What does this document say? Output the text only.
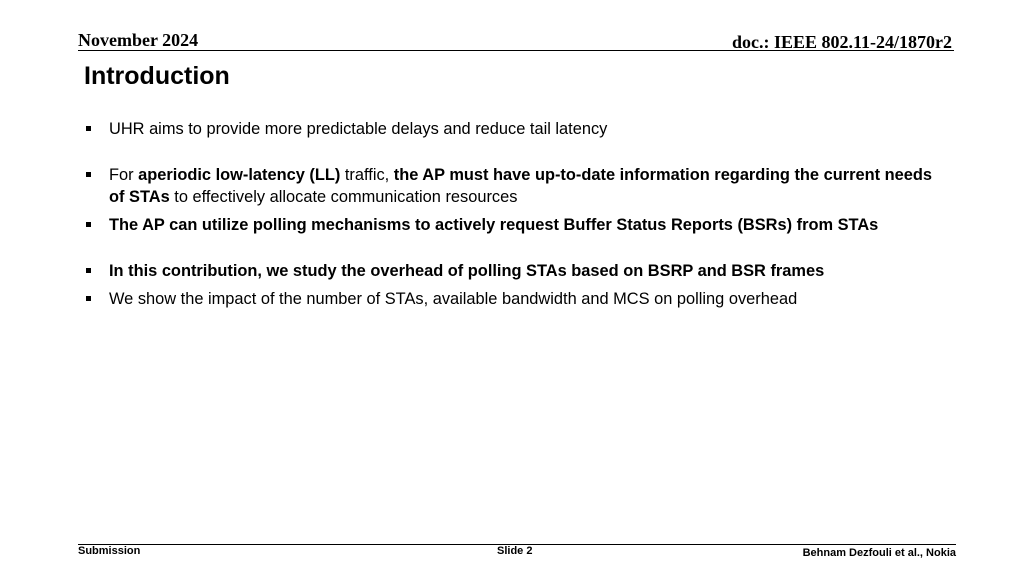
November 2024	doc.: IEEE 802.11-24/1870r2
Introduction
UHR aims to provide more predictable delays and reduce tail latency
For aperiodic low-latency (LL) traffic, the AP must have up-to-date information regarding the current needs of STAs to effectively allocate communication resources
The AP can utilize polling mechanisms to actively request Buffer Status Reports (BSRs) from STAs
In this contribution, we study the overhead of polling STAs based on BSRP and BSR frames
We show the impact of the number of STAs, available bandwidth and MCS on polling overhead
Submission	Slide 2	Behnam Dezfouli et al., Nokia
